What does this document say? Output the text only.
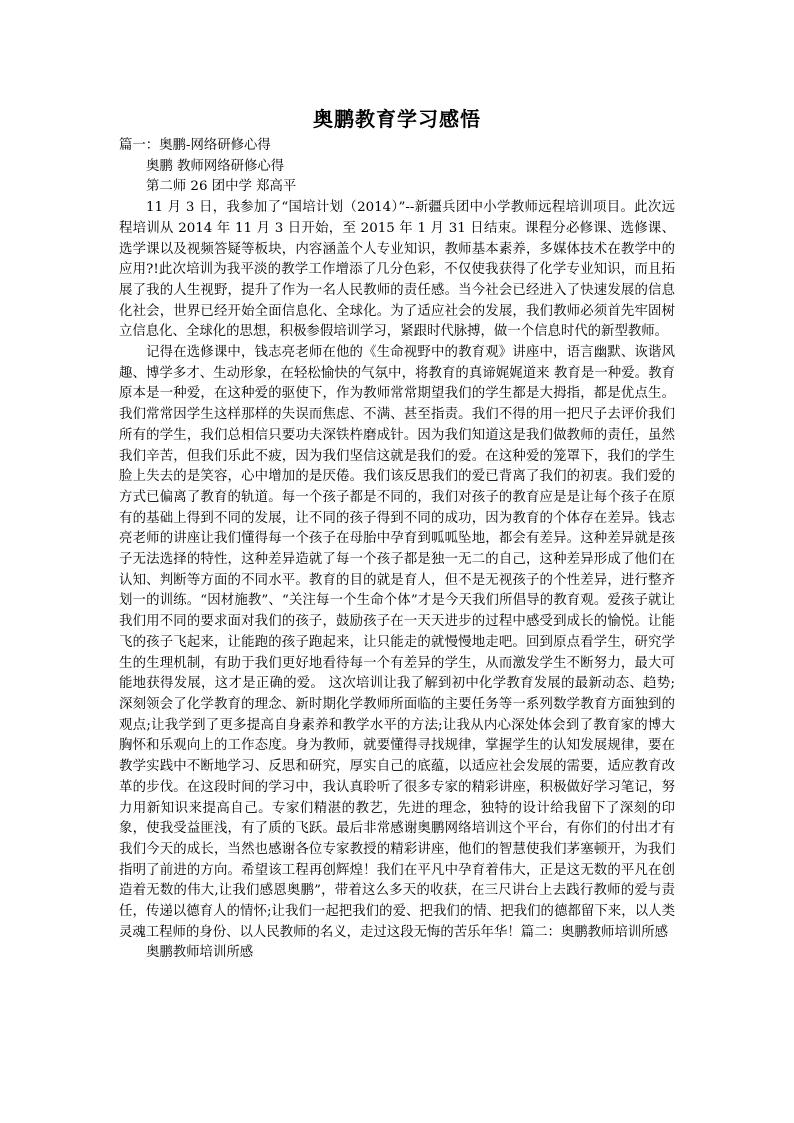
奥鹏教育学习感悟

篇一：奥鹏-网络研修心得

奥鹏 教师网络研修心得

第二师 26 团中学 郑高平

11 月 3 日，我参加了“国培计划（2014）”--新疆兵团中小学教师远程培训项目。此次远程培训从 2014 年 11 月 3 日开始，至 2015 年 1 月 31 日结束。课程分必修课、选修课、选学课以及视频答疑等板块，内容涵盖个人专业知识，教师基本素养，多媒体技术在教学中的应用?!此次培训为我平淡的教学工作增添了几分色彩，不仅使我获得了化学专业知识，而且拓展了我的人生视野，提升了作为一名人民教师的责任感。当今社会已经进入了快速发展的信息化社会，世界已经开始全面信息化、全球化。为了适应社会的发展，我们教师必须首先牢固树立信息化、全球化的思想，积极参假培训学习，紧跟时代脉搏，做一个信息时代的新型教师。

记得在选修课中，钱志亮老师在他的《生命视野中的教育观》讲座中，语言幽默、诙谐风趣、博学多才、生动形象，在轻松愉快的气氛中，将教育的真谛娓娓道来 教育是一种爱。教育原本是一种爱，在这种爱的驱使下，作为教师常常期望我们的学生都是大拇指，都是优点生。我们常常因学生这样那样的失误而焦虑、不满、甚至指责。我们不得的用一把尺子去评价我们所有的学生，我们总相信只要功夫深铁杵磨成针。因为我们知道这是我们做教师的责任，虽然我们辛苦，但我们乐此不疲，因为我们坚信这就是我们的爱。在这种爱的笼罩下，我们的学生脸上失去的是笑容，心中增加的是厌倦。我们该反思我们的爱已背离了我们的初衷。我们爱的方式已偏离了教育的轨道。每一个孩子都是不同的，我们对孩子的教育应是是让每个孩子在原有的基础上得到不同的发展，让不同的孩子得到不同的成功，因为教育的个体存在差异。钱志亮老师的讲座让我们懂得每一个孩子在母胎中孕育到呱呱坠地，都会有差异。这种差异就是孩子无法选择的特性，这种差异造就了每一个孩子都是独一无二的自己，这种差异形成了他们在认知、判断等方面的不同水平。教育的目的就是育人，但不是无视孩子的个性差异，进行整齐划一的训练。“因材施教”、“关注每一个生命个体”才是今天我们所倡导的教育观。爱孩子就让我们用不同的要求面对我们的孩子，鼓励孩子在一天天进步的过程中感受到成长的愉悦。让能飞的孩子飞起来，让能跑的孩子跑起来，让只能走的就慢慢地走吧。回到原点看学生，研究学生的生理机制，有助于我们更好地看待每一个有差异的学生，从而激发学生不断努力，最大可能地获得发展，这才是正确的爱。 这次培训让我了解到初中化学教育发展的最新动态、趋势;深刻领会了化学教育的理念、新时期化学教师所面临的主要任务等一系列数学教育方面独到的观点;让我学到了更多提高自身素养和教学水平的方法;让我从内心深处体会到了教育家的博大胸怀和乐观向上的工作态度。身为教师，就要懂得寻找规律，掌握学生的认知发展规律，要在教学实践中不断地学习、反思和研究，厚实自己的底蕴，以适应社会发展的需要，适应教育改革的步伐。在这段时间的学习中，我认真聆听了很多专家的精彩讲座，积极做好学习笔记，努力用新知识来提高自己。专家们精湛的教艺，先进的理念，独特的设计给我留下了深刻的印象，使我受益匪浅，有了质的飞跃。最后非常感谢奥鹏网络培训这个平台，有你们的付出才有我们今天的成长，当然也感谢各位专家教授的精彩讲座，他们的智慧使我们茅塞顿开，为我们指明了前进的方向。希望该工程再创辉煌！我们在平凡中孕育着伟大，正是这无数的平凡在创造着无数的伟大,让我们感恩奥鹏”，带着这么多天的收获，在三尺讲台上去践行教师的爱与责任，传递以德育人的情怀;让我们一起把我们的爱、把我们的情、把我们的德都留下来，以人类灵魂工程师的身份、以人民教师的名义，走过这段无悔的苦乐年华！篇二：奥鹏教师培训所感

奥鹏教师培训所感
